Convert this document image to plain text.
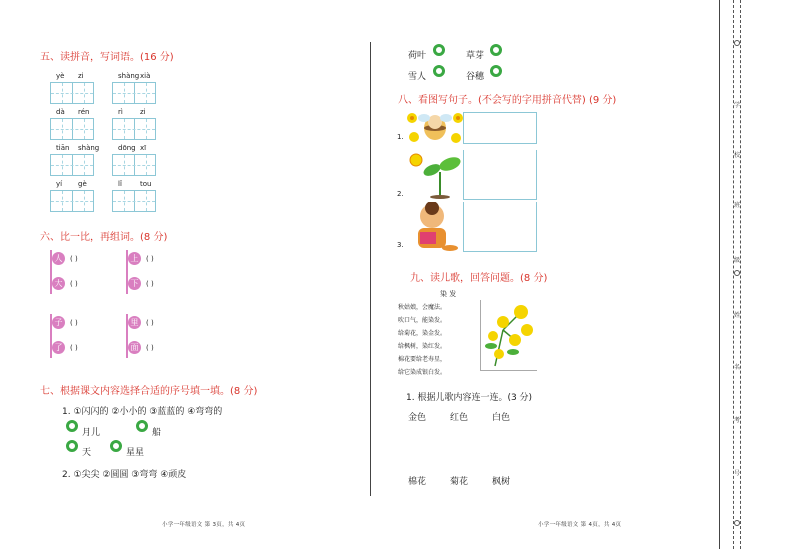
五、读拼音，写词语。(16 分)
yè zi	shàng xià
dà rén	rì zi
tiān shàng	dōng xī
yí gè	lǐ	tou
六、比一比，再组词。(8 分)
人	( )
大	( )
上	( )
下	( )
子	( )
了	( )
里	( )
面	( )
七、根据课文内容选择合适的序号填一填。(8 分)
1. ①闪闪的 ②小小的 ③蓝蓝的 ④弯弯的
月儿	船
天	星星
2. ①尖尖 ②圆圆 ③弯弯 ④顽皮
小学一年级语文 第 3页，共 4页
荷叶	草芽
雪人	谷穗
八、看图写句子。(不会写的字用拼音代替) (9 分)
1.
2.
3.
九、读儿歌，回答问题。(8 分)
染 发
秋姑娘，会魔法。
吹口气，能染发。
给菊花，染金发。
给枫树，染红发。
棉花要给老寿星，
给它染成银白发。
1. 根据儿歌内容连一连。(3 分)
金色	红色	白色
棉花	菊花	枫树
小学一年级语文 第 4页，共 4页
学
校
班
级
姓
名
考
号
